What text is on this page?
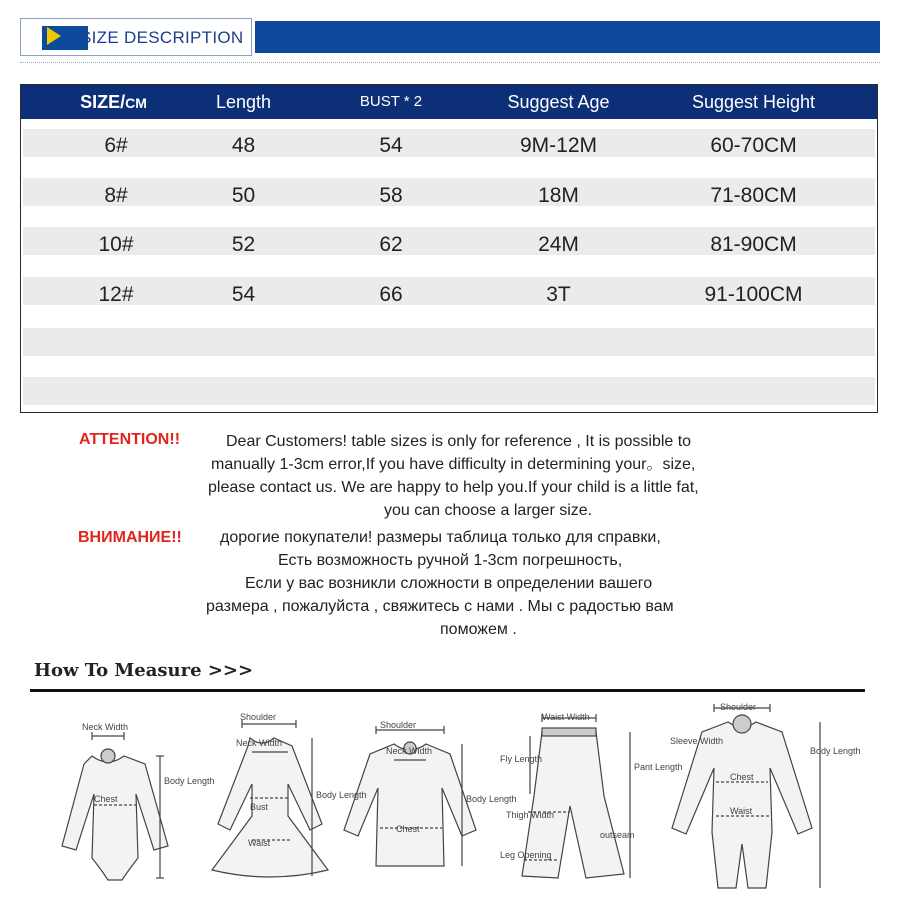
SIZE DESCRIPTION
SIZE/CM	Length	BUST * 2	Suggest Age	Suggest Height
6#	48	54	9M-12M	60-70CM
8#	50	58	18M	71-80CM
10#	52	62	24M	81-90CM
12#	54	66	3T	91-100CM
ATTENTION!!	Dear Customers! table sizes is only for reference , It is possible to
manually 1-3cm error,If you have difficulty in determining your。size,
please contact us. We are happy to help you.If your child is a little fat,
you can choose a larger size.
ВНИМАНИЕ!! дорогие покупатели! размеры таблица только для справки,
Есть возможность ручной 1-3cm погрешность,
Если у вас возникли сложности в определении вашего
размера , пожалуйста , свяжитесь с нами . Мы с радостью вам
поможем .
How To Measure >>>
Neck Width
Body Length
Chest
Shoulder
Neck Width
Body Length
Bust
Waist
Shoulder
Neck Width
Body Length
Chest
Waist Width
Fly Length
Pant Length
Thigh Width
outseam
Leg Opening
Shoulder
Sleeve Width
Body Length
Chest
Waist
